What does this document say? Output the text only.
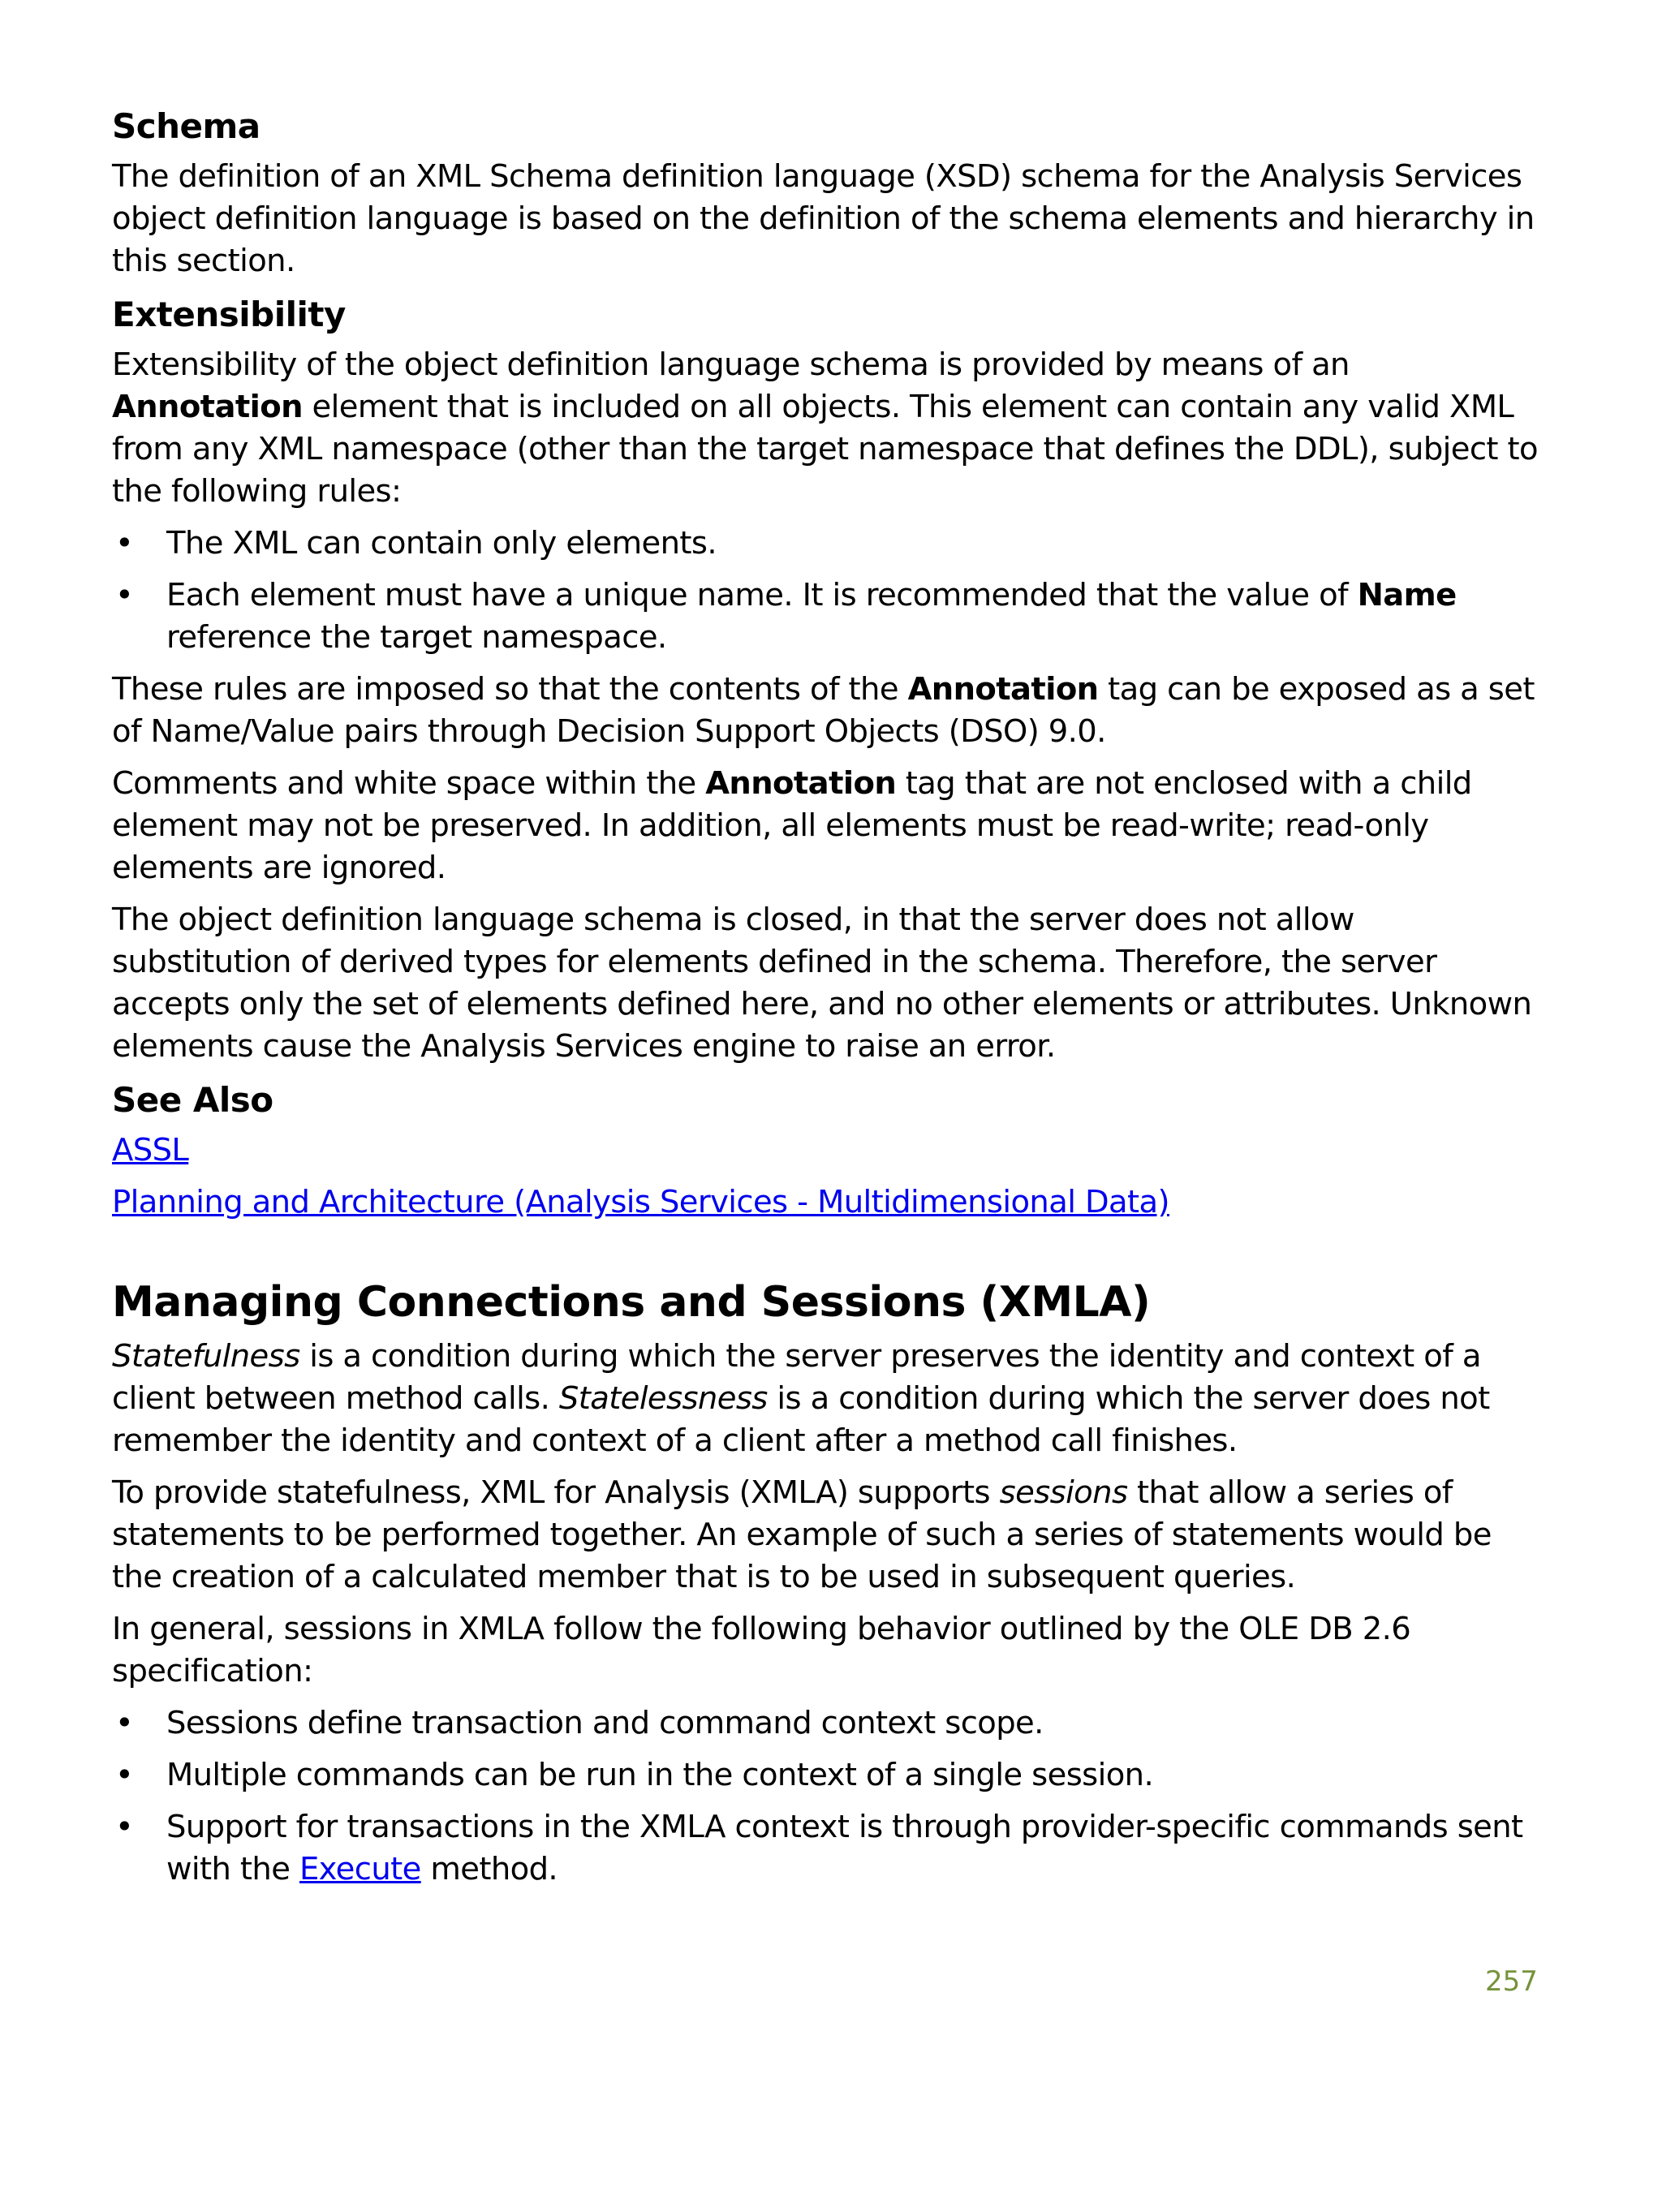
Schema

The definition of an XML Schema definition language (XSD) schema for the Analysis Services object definition language is based on the definition of the schema elements and hierarchy in this section.

Extensibility

Extensibility of the object definition language schema is provided by means of an Annotation element that is included on all objects. This element can contain any valid XML from any XML namespace (other than the target namespace that defines the DDL), subject to the following rules:

• The XML can contain only elements.
• Each element must have a unique name. It is recommended that the value of Name reference the target namespace.

These rules are imposed so that the contents of the Annotation tag can be exposed as a set of Name/Value pairs through Decision Support Objects (DSO) 9.0.

Comments and white space within the Annotation tag that are not enclosed with a child element may not be preserved. In addition, all elements must be read-write; read-only elements are ignored.

The object definition language schema is closed, in that the server does not allow substitution of derived types for elements defined in the schema. Therefore, the server accepts only the set of elements defined here, and no other elements or attributes. Unknown elements cause the Analysis Services engine to raise an error.

See Also

ASSL

Planning and Architecture (Analysis Services - Multidimensional Data)

Managing Connections and Sessions (XMLA)

Statefulness is a condition during which the server preserves the identity and context of a client between method calls. Statelessness is a condition during which the server does not remember the identity and context of a client after a method call finishes.

To provide statefulness, XML for Analysis (XMLA) supports sessions that allow a series of statements to be performed together. An example of such a series of statements would be the creation of a calculated member that is to be used in subsequent queries.

In general, sessions in XMLA follow the following behavior outlined by the OLE DB 2.6 specification:

• Sessions define transaction and command context scope.
• Multiple commands can be run in the context of a single session.
• Support for transactions in the XMLA context is through provider-specific commands sent with the Execute method.
257
